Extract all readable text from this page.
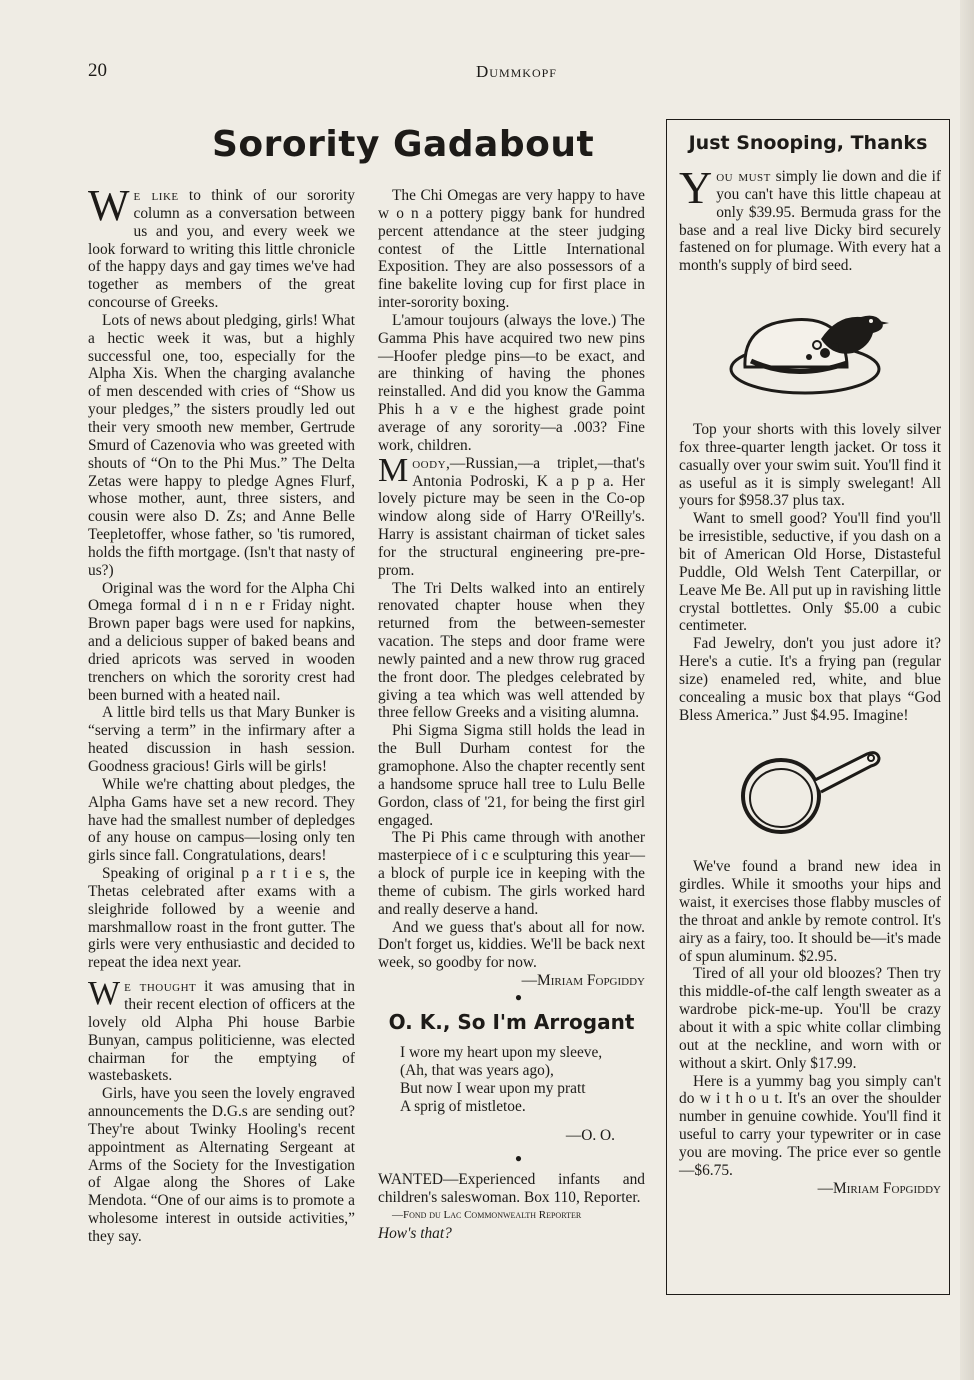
20	Dummkopf
Sorority Gadabout

We like to think of our sorority column as a conversation between us and you, and every week we look forward to writing this little chronicle of the happy days and gay times we've had together as members of the great concourse of Greeks.

Lots of news about pledging, girls! What a hectic week it was, but a highly successful one, too, especially for the Alpha Xis. When the charging avalanche of men descended with cries of “Show us your pledges,” the sisters proudly led out their very smooth new member, Gertrude Smurd of Cazenovia who was greeted with shouts of “On to the Phi Mus.” The Delta Zetas were happy to pledge Agnes Flurf, whose mother, aunt, three sisters, and cousin were also D. Zs; and Anne Belle Teepletoffer, whose father, so 'tis rumored, holds the fifth mortgage. (Isn't that nasty of us?)

Original was the word for the Alpha Chi Omega formal d i n n e r Friday night. Brown paper bags were used for napkins, and a delicious supper of baked beans and dried apricots was served in wooden trenchers on which the sorority crest had been burned with a heated nail.

A little bird tells us that Mary Bunker is “serving a term” in the infirmary after a heated discussion in hash session. Goodness gracious! Girls will be girls!

While we're chatting about pledges, the Alpha Gams have set a new record. They have had the smallest number of depledges of any house on campus—losing only ten girls since fall. Congratulations, dears!

Speaking of original p a r t i e s, the Thetas celebrated after exams with a sleighride followed by a weenie and marshmallow roast in the front gutter. The girls were very enthusiastic and decided to repeat the idea next year.

We thought it was amusing that in their recent election of officers at the lovely old Alpha Phi house Barbie Bunyan, campus politicienne, was elected chairman for the emptying of wastebaskets.

Girls, have you seen the lovely engraved announcements the D.G.s are sending out? They're about Twinky Hooling's recent appointment as Alternating Sergeant at Arms of the Society for the Investigation of Algae along the Shores of Lake Mendota. “One of our aims is to promote a wholesome interest in outside activities,” they say.

The Chi Omegas are very happy to have w o n a pottery piggy bank for hundred percent attendance at the steer judging contest of the Little International Exposition. They are also possessors of a fine bakelite loving cup for first place in inter-sorority boxing.

L'amour toujours (always the love.) The Gamma Phis have acquired two new pins—Hoofer pledge pins—to be exact, and are thinking of having the phones reinstalled. And did you know the Gamma Phis h a v e the highest grade point average of any sorority—a .003? Fine work, children.

Moody,—Russian,—a triplet,—that's Antonia Podroski, K a p p a. Her lovely picture may be seen in the Co-op window along side of Harry O'Reilly's. Harry is assistant chairman of ticket sales for the structural engineering pre-pre-prom.

The Tri Delts walked into an entirely renovated chapter house when they returned from the between-semester vacation. The steps and door frame were newly painted and a new throw rug graced the front door. The pledges celebrated by giving a tea which was well attended by three fellow Greeks and a visiting alumna.

Phi Sigma Sigma still holds the lead in the Bull Durham contest for the gramophone. Also the chapter recently sent a handsome spruce hall tree to Lulu Belle Gordon, class of '21, for being the first girl engaged.

The Pi Phis came through with another masterpiece of i c e sculpturing this year—a block of purple ice in keeping with the theme of cubism. The girls worked hard and really deserve a hand.

And we guess that's about all for now. Don't forget us, kiddies. We'll be back next week, so goodby for now.

—Miriam Fopgiddy

●

O. K., So I'm Arrogant
I wore my heart upon my sleeve,
(Ah, that was years ago),
But now I wear upon my pratt
A sprig of mistletoe.
—O. O.

●

WANTED—Experienced infants and children's saleswoman. Box 110, Reporter.

—Fond du Lac Commonwealth Reporter

How's that?

Just Snooping, Thanks

You must simply lie down and die if you can't have this little chapeau at only $39.95. Bermuda grass for the base and a real live Dicky bird securely fastened on for plumage. With every hat a month's supply of bird seed.

Top your shorts with this lovely silver fox three-quarter length jacket. Or toss it casually over your swim suit. You'll find it as useful as it is simply swelegant! All yours for $958.37 plus tax.

Want to smell good? You'll find you'll be irresistible, seductive, if you dash on a bit of American Old Horse, Distasteful Puddle, Old Welsh Tent Caterpillar, or Leave Me Be. All put up in ravishing little crystal bottlettes. Only $5.00 a cubic centimeter.

Fad Jewelry, don't you just adore it? Here's a cutie. It's a frying pan (regular size) enameled red, white, and blue concealing a music box that plays “God Bless America.” Just $4.95. Imagine!

We've found a brand new idea in girdles. While it smooths your hips and waist, it exercises those flabby muscles of the throat and ankle by remote control. It's airy as a fairy, too. It should be—it's made of spun aluminum. $2.95.

Tired of all your old bloozes? Then try this middle-of-the calf length sweater as a wardrobe pick-me-up. You'll be crazy about it with a spic white collar climbing out at the neckline, and worn with or without a skirt. Only $17.99.

Here is a yummy bag you simply can't do w i t h o u t. It's an over the shoulder number in genuine cowhide. You'll find it useful to carry your typewriter or in case you are moving. The price ever so gentle—$6.75.

—Miriam Fopgiddy
